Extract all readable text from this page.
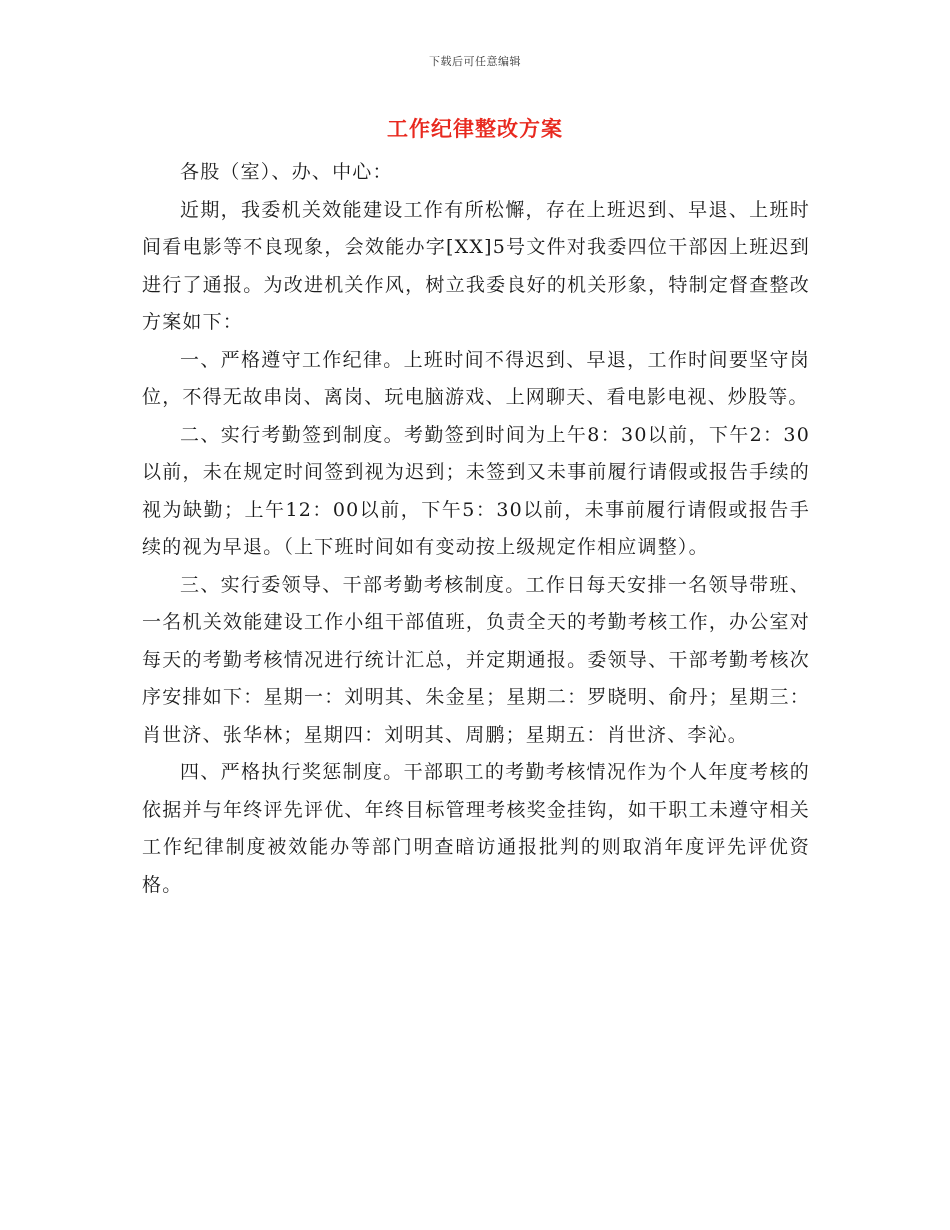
下载后可任意编辑
工作纪律整改方案

各股（室）、办、中心：

近期，我委机关效能建设工作有所松懈，存在上班迟到、早退、上班时间看电影等不良现象，会效能办字[XX]5号文件对我委四位干部因上班迟到进行了通报。为改进机关作风，树立我委良好的机关形象，特制定督查整改方案如下：

一、严格遵守工作纪律。上班时间不得迟到、早退，工作时间要坚守岗位，不得无故串岗、离岗、玩电脑游戏、上网聊天、看电影电视、炒股等。

二、实行考勤签到制度。考勤签到时间为上午8：30以前，下午2：30以前，未在规定时间签到视为迟到；未签到又未事前履行请假或报告手续的视为缺勤；上午12：00以前，下午5：30以前，未事前履行请假或报告手续的视为早退。（上下班时间如有变动按上级规定作相应调整）。

三、实行委领导、干部考勤考核制度。工作日每天安排一名领导带班、一名机关效能建设工作小组干部值班，负责全天的考勤考核工作，办公室对每天的考勤考核情况进行统计汇总，并定期通报。委领导、干部考勤考核次序安排如下：星期一：刘明其、朱金星；星期二：罗晓明、俞丹；星期三：肖世济、张华林；星期四：刘明其、周鹏；星期五：肖世济、李沁。

四、严格执行奖惩制度。干部职工的考勤考核情况作为个人年度考核的依据并与年终评先评优、年终目标管理考核奖金挂钩，如干职工未遵守相关工作纪律制度被效能办等部门明查暗访通报批判的则取消年度评先评优资格。
